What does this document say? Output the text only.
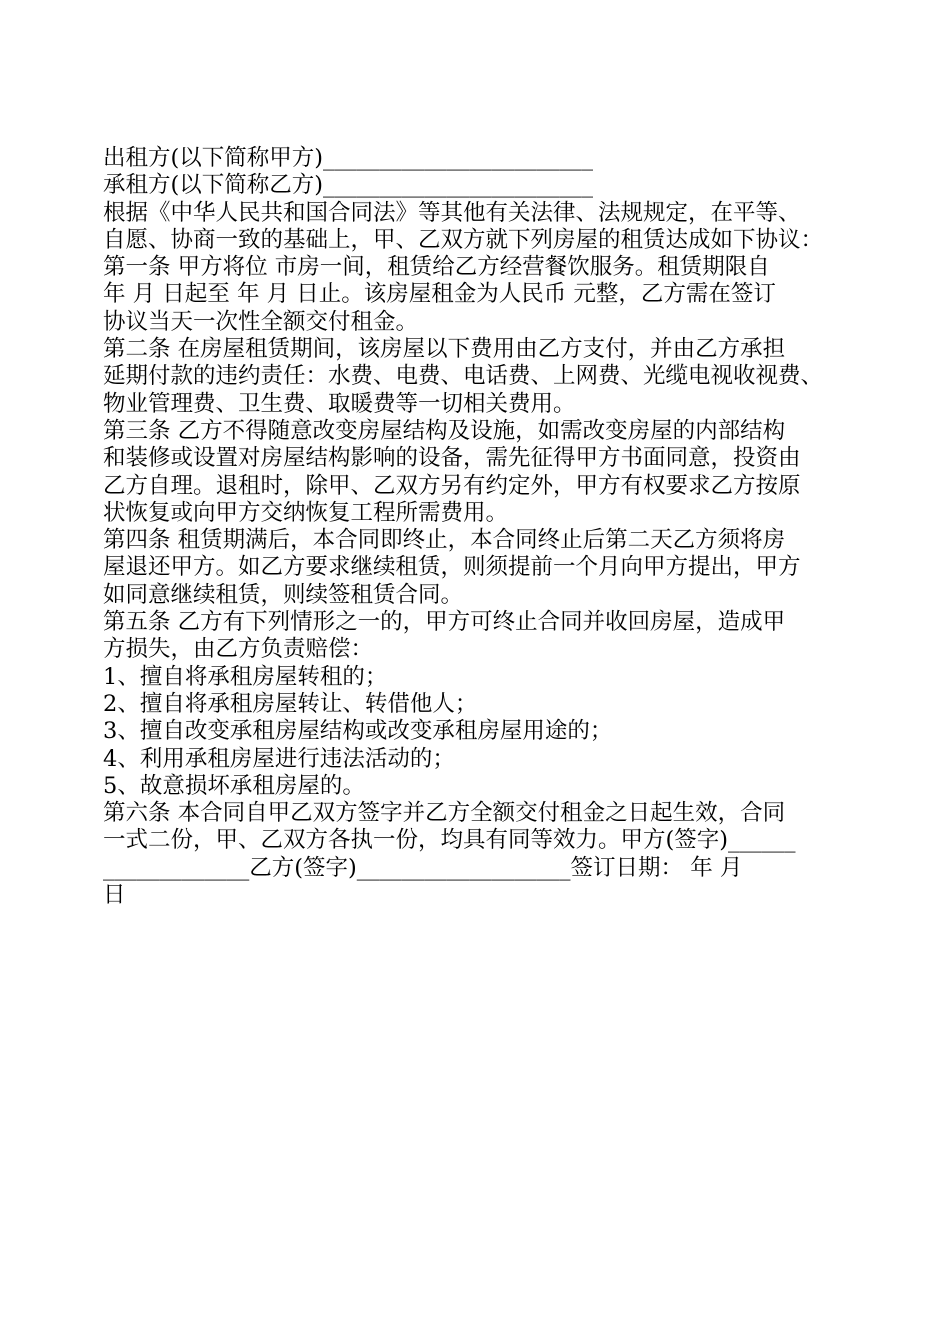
出租方(以下简称甲方)________________________
承租方(以下简称乙方)________________________
根据《中华人民共和国合同法》等其他有关法律、法规规定，在平等、
自愿、协商一致的基础上，甲、乙双方就下列房屋的租赁达成如下协议：
第一条 甲方将位 市房一间，租赁给乙方经营餐饮服务。租赁期限自
年 月 日起至 年 月 日止。该房屋租金为人民币 元整，乙方需在签订
协议当天一次性全额交付租金。
第二条 在房屋租赁期间，该房屋以下费用由乙方支付，并由乙方承担
延期付款的违约责任：水费、电费、电话费、上网费、光缆电视收视费、
物业管理费、卫生费、取暖费等一切相关费用。
第三条 乙方不得随意改变房屋结构及设施，如需改变房屋的内部结构
和装修或设置对房屋结构影响的设备，需先征得甲方书面同意，投资由
乙方自理。退租时，除甲、乙双方另有约定外，甲方有权要求乙方按原
状恢复或向甲方交纳恢复工程所需费用。
第四条 租赁期满后，本合同即终止，本合同终止后第二天乙方须将房
屋退还甲方。如乙方要求继续租赁，则须提前一个月向甲方提出，甲方
如同意继续租赁，则续签租赁合同。
第五条 乙方有下列情形之一的，甲方可终止合同并收回房屋，造成甲
方损失，由乙方负责赔偿：
1、擅自将承租房屋转租的；
2、擅自将承租房屋转让、转借他人；
3、擅自改变承租房屋结构或改变承租房屋用途的；
4、利用承租房屋进行违法活动的；
5、故意损坏承租房屋的。
第六条 本合同自甲乙双方签字并乙方全额交付租金之日起生效，合同
一式二份，甲、乙双方各执一份，均具有同等效力。甲方(签字)______
_____________乙方(签字)___________________签订日期： 年 月
日
